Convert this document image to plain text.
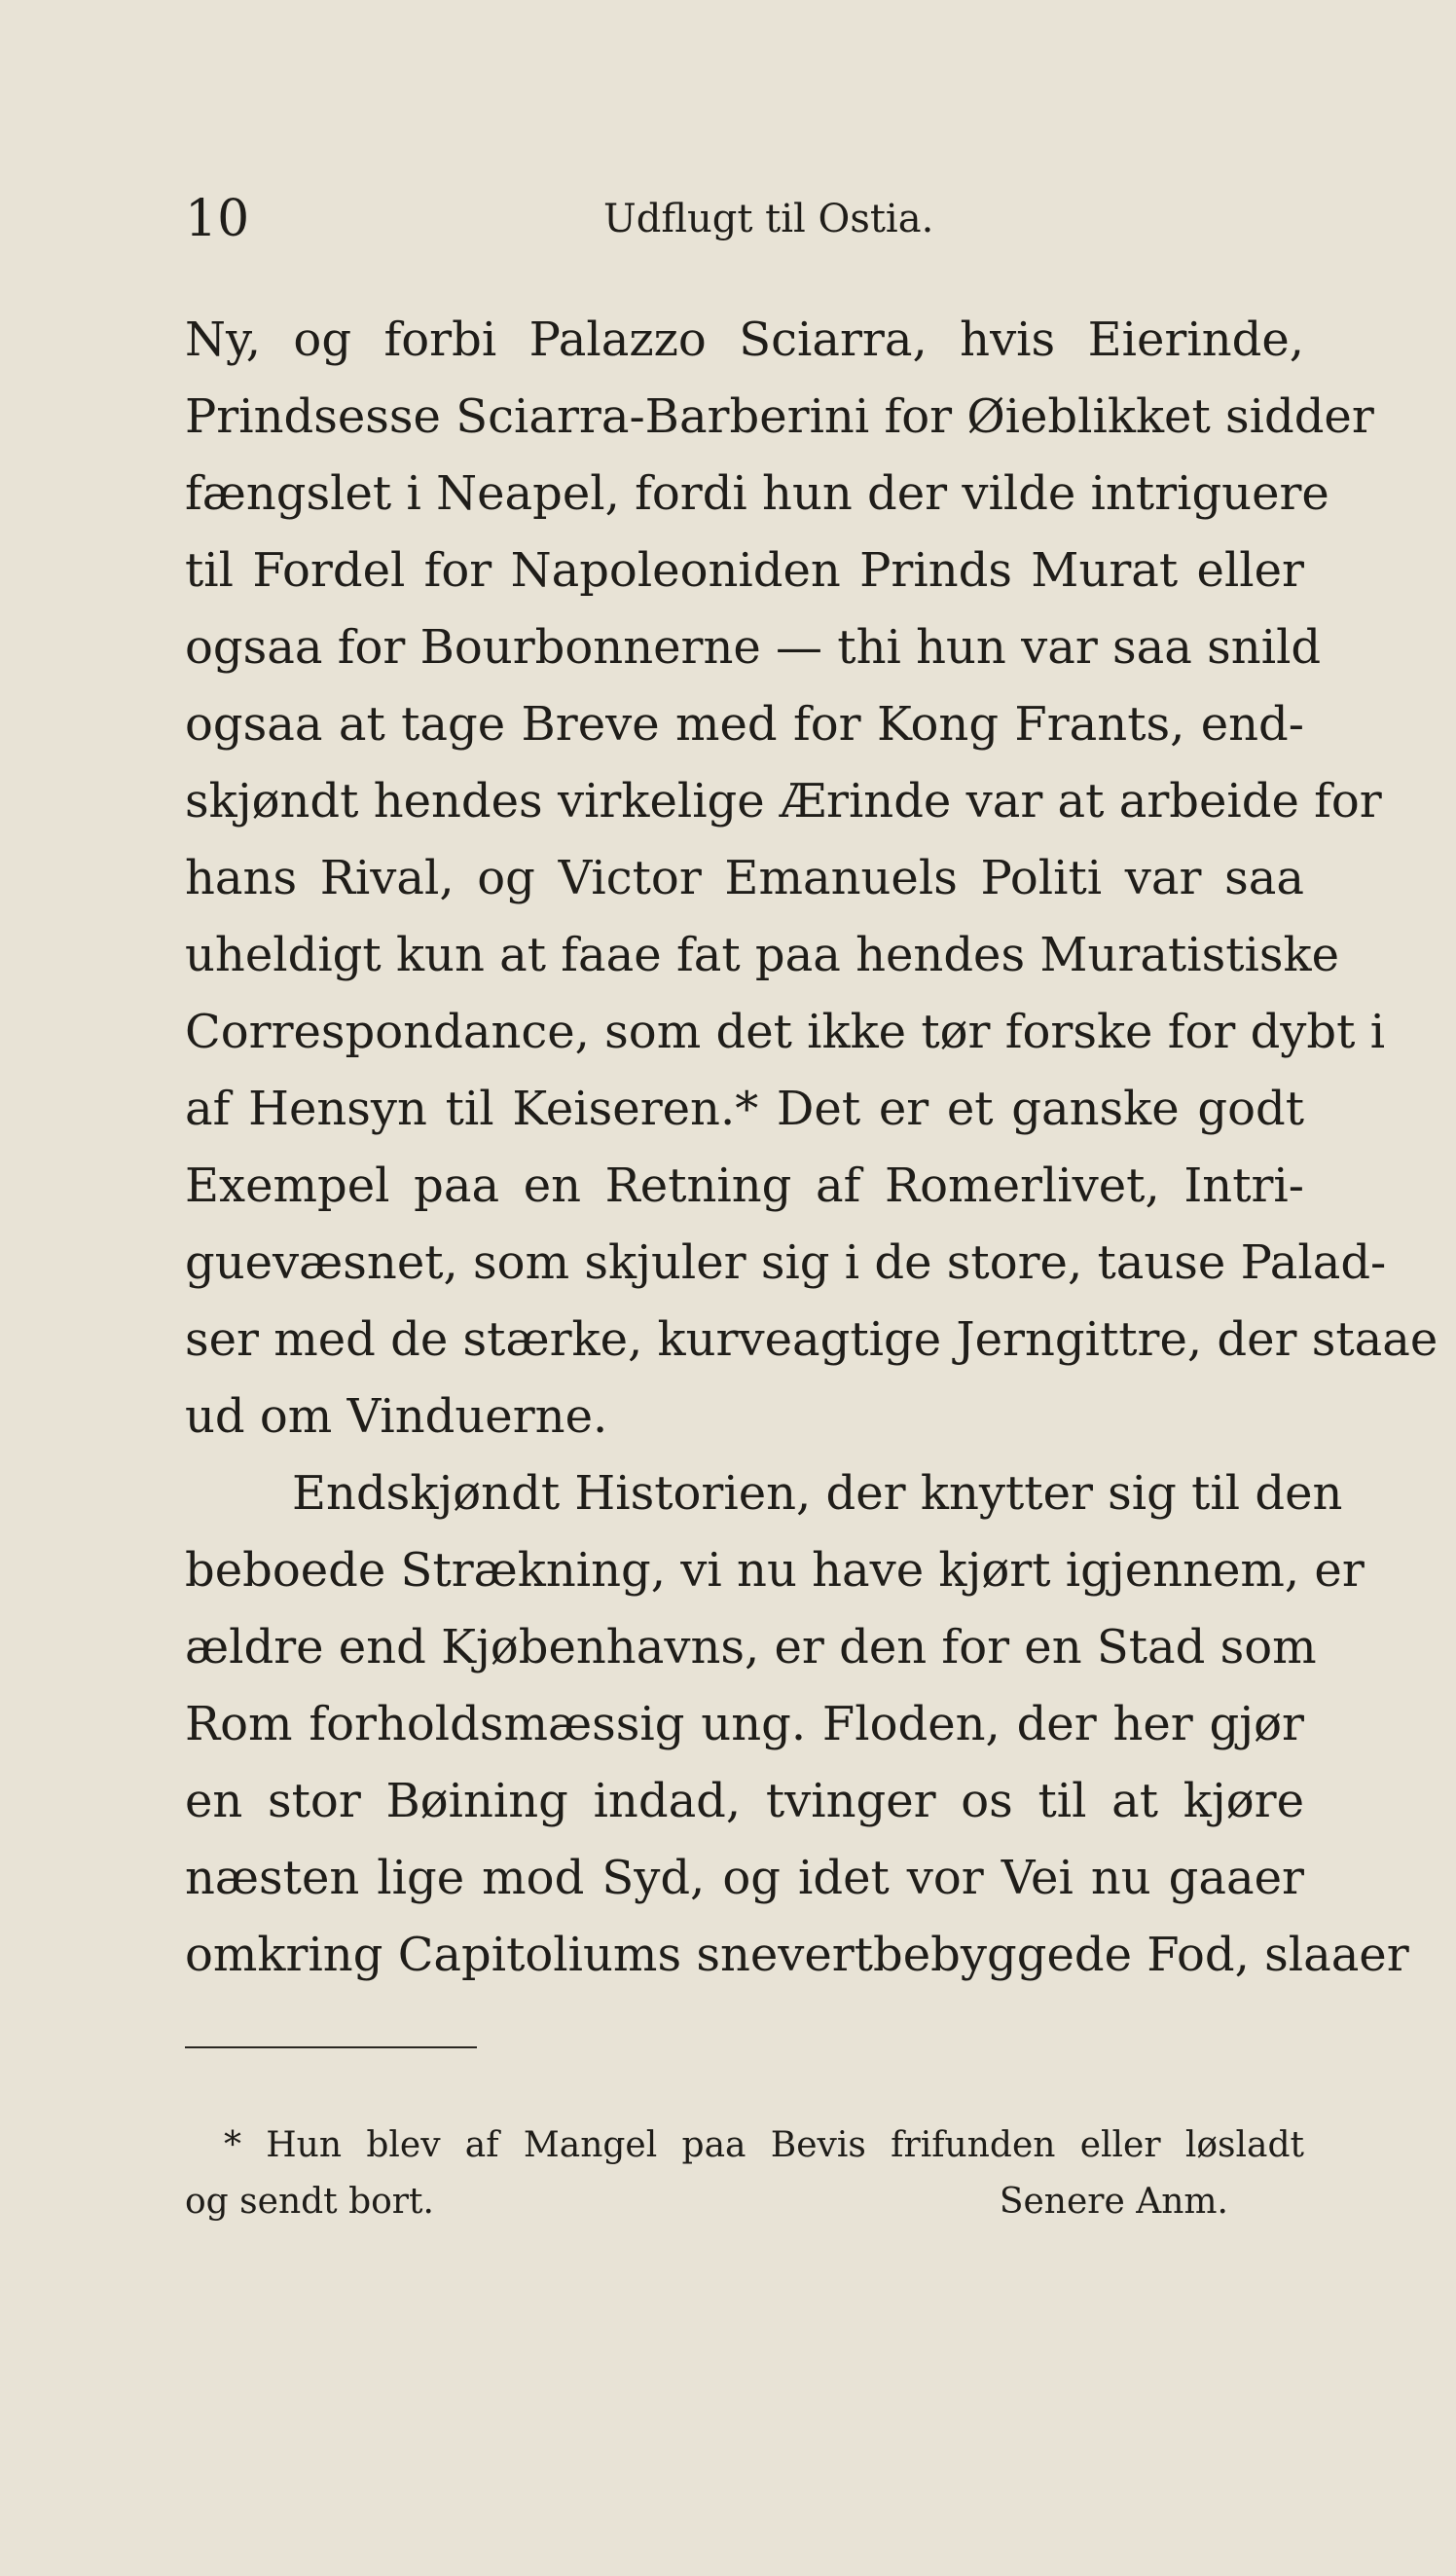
10	Udflugt til Ostia.
Ny, og forbi Palazzo Sciarra, hvis Eierinde,
Prindsesse Sciarra-Barberini for Øieblikket sidder
fængslet i Neapel, fordi hun der vilde intriguere
til Fordel for Napoleoniden Prinds Murat eller
ogsaa for Bourbonnerne — thi hun var saa snild
ogsaa at tage Breve med for Kong Frants, end-
skjøndt hendes virkelige Ærinde var at arbeide for
hans Rival, og Victor Emanuels Politi var saa
uheldigt kun at faae fat paa hendes Muratistiske
Correspondance, som det ikke tør forske for dybt i
af Hensyn til Keiseren.* Det er et ganske godt
Exempel paa en Retning af Romerlivet, Intri-
guevæsnet, som skjuler sig i de store, tause Palad-
ser med de stærke, kurveagtige Jerngittre, der staae
ud om Vinduerne.
Endskjøndt Historien, der knytter sig til den
beboede Strækning, vi nu have kjørt igjennem, er
ældre end Kjøbenhavns, er den for en Stad som
Rom forholdsmæssig ung. Floden, der her gjør
en stor Bøining indad, tvinger os til at kjøre
næsten lige mod Syd, og idet vor Vei nu gaaer
omkring Capitoliums snevertbebyggede Fod, slaaer
* Hun blev af Mangel paa Bevis frifunden eller løsladt
og sendt bort.	Senere Anm.
